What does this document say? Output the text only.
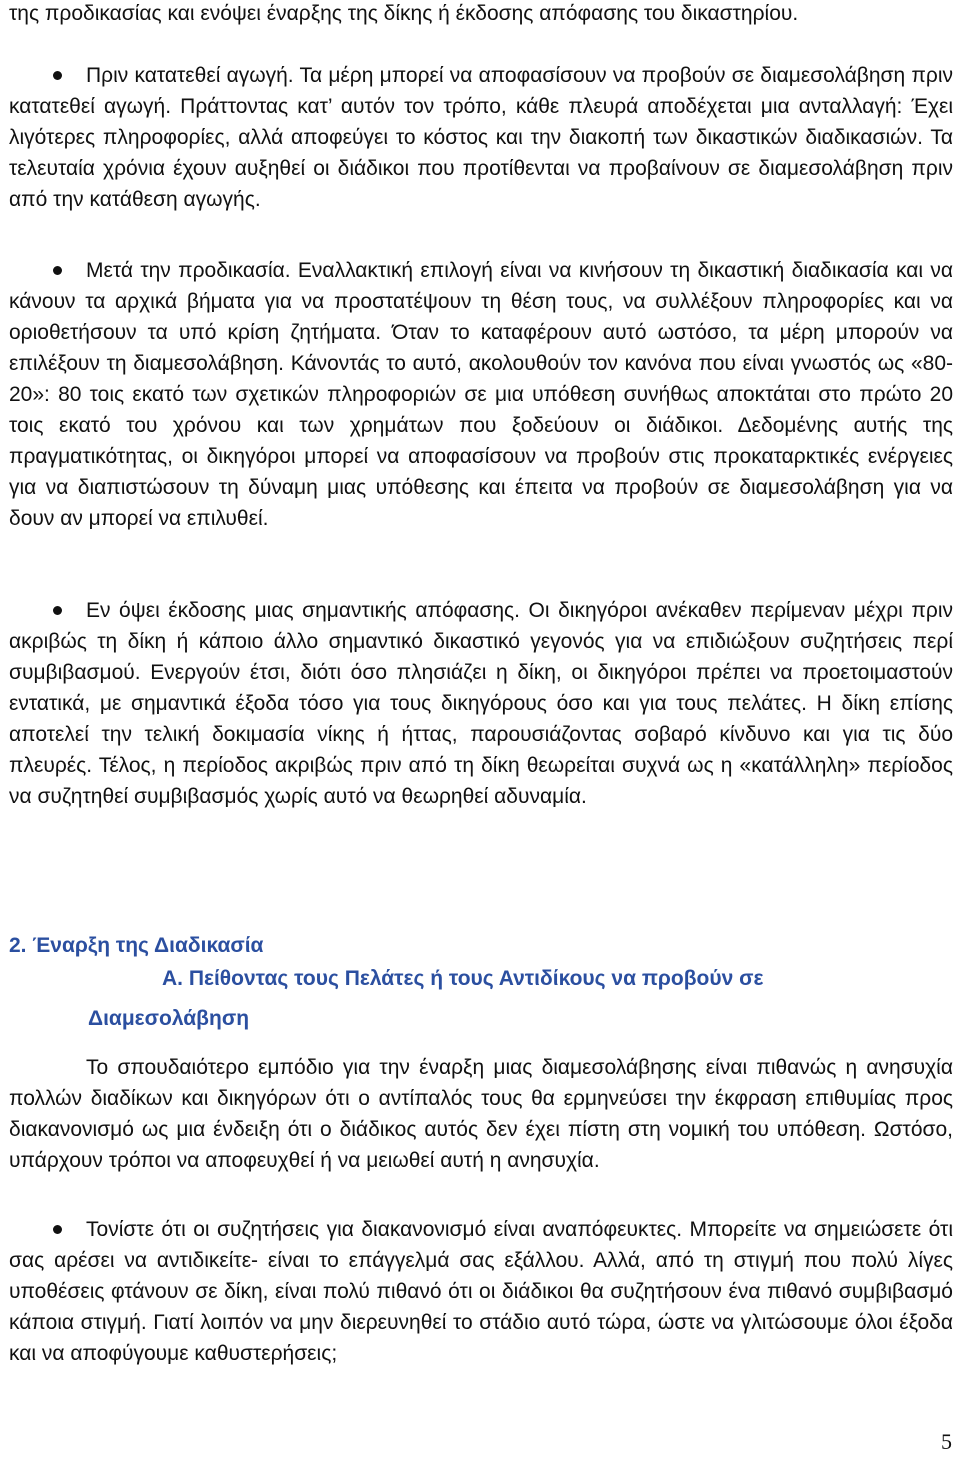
της προδικασίας και ενόψει έναρξης της δίκης ή έκδοσης απόφασης του δικαστηρίου.

Πριν κατατεθεί αγωγή. Τα μέρη μπορεί να αποφασίσουν να προβούν σε διαμεσολάβηση πριν κατατεθεί αγωγή. Πράττοντας κατ’ αυτόν τον τρόπο, κάθε πλευρά αποδέχεται μια ανταλλαγή: Έχει λιγότερες πληροφορίες, αλλά αποφεύγει το κόστος και την διακοπή των δικαστικών διαδικασιών. Τα τελευταία χρόνια έχουν αυξηθεί οι διάδικοι που προτίθενται να προβαίνουν σε διαμεσολάβηση πριν από την κατάθεση αγωγής.
Μετά την προδικασία. Εναλλακτική επιλογή είναι να κινήσουν τη δικαστική διαδικασία και να κάνουν τα αρχικά βήματα για να προστατέψουν τη θέση τους, να συλλέξουν πληροφορίες και να οριοθετήσουν τα υπό κρίση ζητήματα. Όταν το καταφέρουν αυτό ωστόσο, τα μέρη μπορούν να επιλέξουν τη διαμεσολάβηση. Κάνοντάς το αυτό, ακολουθούν τον κανόνα που είναι γνωστός ως «80-20»: 80 τοις εκατό των σχετικών πληροφοριών σε μια υπόθεση συνήθως αποκτάται στο πρώτο 20 τοις εκατό του χρόνου και των χρημάτων που ξοδεύουν οι διάδικοι. Δεδομένης αυτής της πραγματικότητας, οι δικηγόροι μπορεί να αποφασίσουν να προβούν στις προκαταρκτικές ενέργειες για να διαπιστώσουν τη δύναμη μιας υπόθεσης και έπειτα να προβούν σε διαμεσολάβηση για να δουν αν μπορεί να επιλυθεί.
Εν όψει έκδοσης μιας σημαντικής απόφασης. Οι δικηγόροι ανέκαθεν περίμεναν μέχρι πριν ακριβώς τη δίκη ή κάποιο άλλο σημαντικό δικαστικό γεγονός για να επιδιώξουν συζητήσεις περί συμβιβασμού. Ενεργούν έτσι, διότι όσο πλησιάζει η δίκη, οι δικηγόροι πρέπει να προετοιμαστούν εντατικά, με σημαντικά έξοδα τόσο για τους δικηγόρους όσο και για τους πελάτες. Η δίκη επίσης αποτελεί την τελική δοκιμασία νίκης ή ήττας, παρουσιάζοντας σοβαρό κίνδυνο και για τις δύο πλευρές. Τέλος, η περίοδος ακριβώς πριν από τη δίκη θεωρείται συχνά ως η «κατάλληλη» περίοδος να συζητηθεί συμβιβασμός χωρίς αυτό να θεωρηθεί αδυναμία.
2. Έναρξη της Διαδικασία
Α. Πείθοντας τους Πελάτες ή τους Αντιδίκους να προβούν σε
Διαμεσολάβηση

Το σπουδαιότερο εμπόδιο για την έναρξη μιας διαμεσολάβησης είναι πιθανώς η ανησυχία πολλών διαδίκων και δικηγόρων ότι ο αντίπαλός τους θα ερμηνεύσει την έκφραση επιθυμίας προς διακανονισμό ως μια ένδειξη ότι ο διάδικος αυτός δεν έχει πίστη στη νομική του υπόθεση. Ωστόσο, υπάρχουν τρόποι να αποφευχθεί ή να μειωθεί αυτή η ανησυχία.

Τονίστε ότι οι συζητήσεις για διακανονισμό είναι αναπόφευκτες. Μπορείτε να σημειώσετε ότι σας αρέσει να αντιδικείτε- είναι το επάγγελμά σας εξάλλου. Αλλά, από τη στιγμή που πολύ λίγες υποθέσεις φτάνουν σε δίκη, είναι πολύ πιθανό ότι οι διάδικοι θα συζητήσουν ένα πιθανό συμβιβασμό κάποια στιγμή. Γιατί λοιπόν να μην διερευνηθεί το στάδιο αυτό τώρα, ώστε να γλιτώσουμε όλοι έξοδα και να αποφύγουμε καθυστερήσεις;
5
